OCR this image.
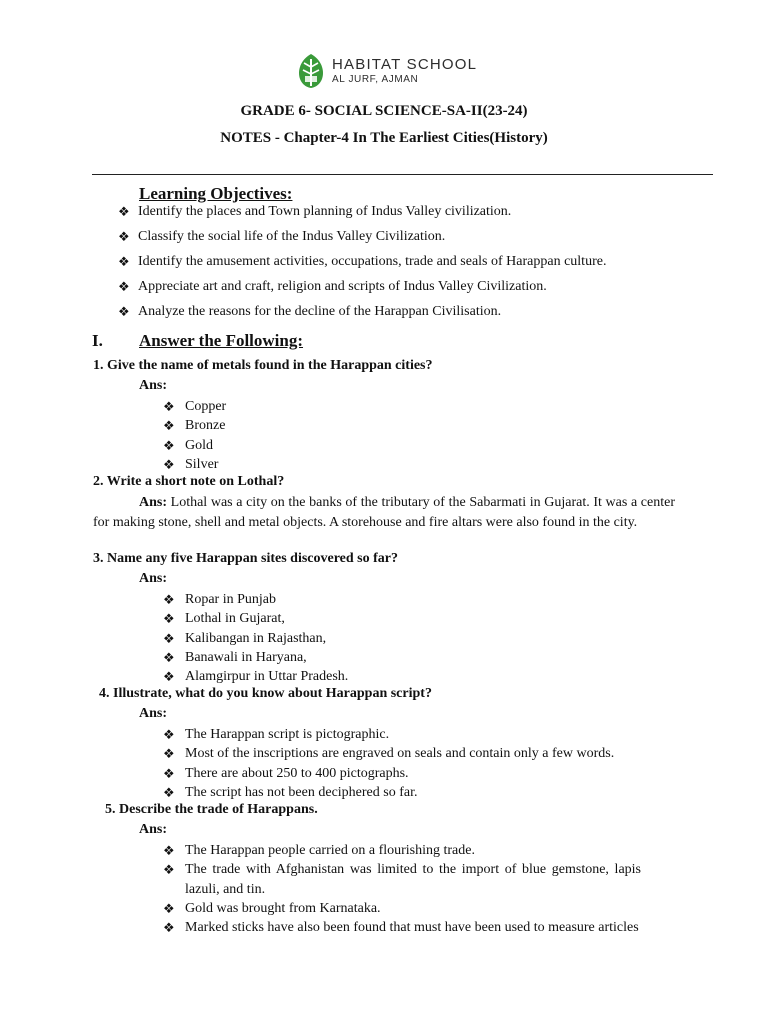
HABITAT SCHOOL
AL JURF, AJMAN
GRADE 6- SOCIAL SCIENCE-SA-II(23-24)
NOTES - Chapter-4 In The Earliest Cities(History)
Learning Objectives:
❖ Identify the places and Town planning of Indus Valley civilization.
❖ Classify the social life of the Indus Valley Civilization.
❖ Identify the amusement activities, occupations, trade and seals of Harappan culture.
❖ Appreciate art and craft, religion and scripts of Indus Valley Civilization.
❖ Analyze the reasons for the decline of the Harappan Civilisation.
I. Answer the Following:
1. Give the name of metals found in the Harappan cities?
Ans:
❖ Copper
❖ Bronze
❖ Gold
❖ Silver
2. Write a short note on Lothal?
Ans: Lothal was a city on the banks of the tributary of the Sabarmati in Gujarat. It was a center for making stone, shell and metal objects. A storehouse and fire altars were also found in the city.
3. Name any five Harappan sites discovered so far?
Ans:
❖ Ropar in Punjab
❖ Lothal in Gujarat,
❖ Kalibangan in Rajasthan,
❖ Banawali in Haryana,
❖ Alamgirpur in Uttar Pradesh.
4. Illustrate, what do you know about Harappan script?
Ans:
❖ The Harappan script is pictographic.
❖ Most of the inscriptions are engraved on seals and contain only a few words.
❖ There are about 250 to 400 pictographs.
❖ The script has not been deciphered so far.
5. Describe the trade of Harappans.
Ans:
❖ The Harappan people carried on a flourishing trade.
❖ The trade with Afghanistan was limited to the import of blue gemstone, lapis lazuli, and tin.
❖ Gold was brought from Karnataka.
❖ Marked sticks have also been found that must have been used to measure articles
